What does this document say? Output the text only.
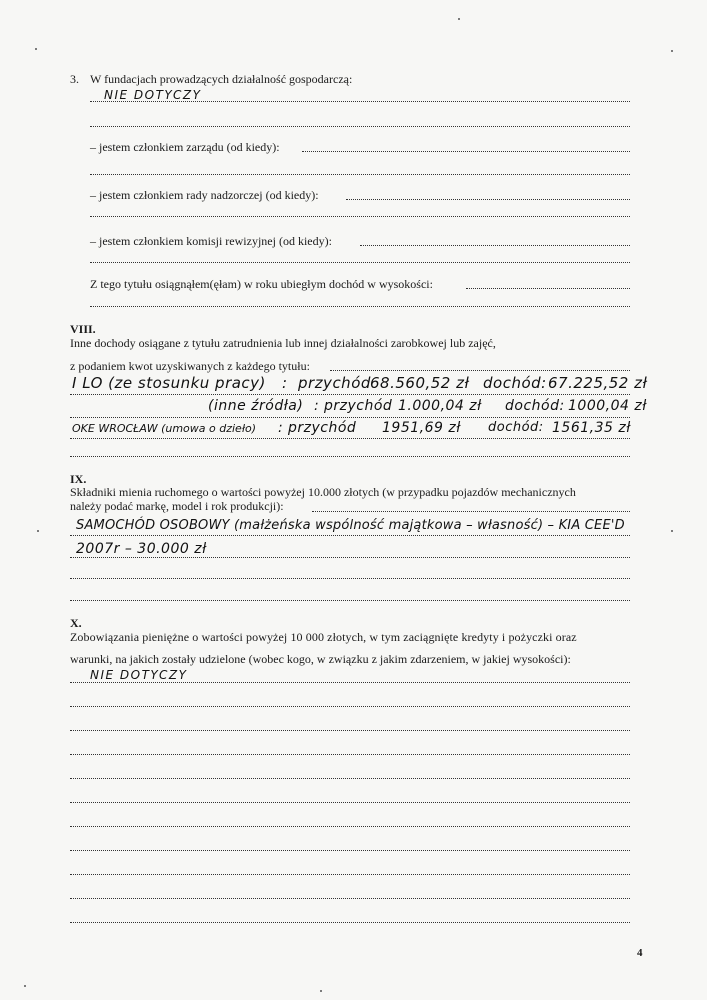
3. W fundacjach prowadzących działalność gospodarczą:
NIE DOTYCZY
– jestem członkiem zarządu (od kiedy):
– jestem członkiem rady nadzorczej (od kiedy):
– jestem członkiem komisji rewizyjnej (od kiedy):
Z tego tytułu osiągnąłem(ęłam) w roku ubiegłym dochód w wysokości:
VIII.
Inne dochody osiągane z tytułu zatrudnienia lub innej działalności zarobkowej lub zajęć,
z podaniem kwot uzyskiwanych z każdego tytułu:
I LO (ze stosunku pracy) : przychód 68.560,52 zł dochód: 67.225,52 zł
(inne źródła) : przychód 1.000,04 zł dochód: 1000,04 zł
OKE WROCŁAW (umowa o dzieło) : przychód 1951,69 zł dochód: 1561,35 zł
IX.
Składniki mienia ruchomego o wartości powyżej 10.000 złotych (w przypadku pojazdów mechanicznych
należy podać markę, model i rok produkcji):
SAMOCHÓD OSOBOWY (małżeńska wspólność majątkowa – własność) – KIA CEE'D
2007r – 30.000 zł
X.
Zobowiązania pieniężne o wartości powyżej 10 000 złotych, w tym zaciągnięte kredyty i pożyczki oraz
warunki, na jakich zostały udzielone (wobec kogo, w związku z jakim zdarzeniem, w jakiej wysokości):
NIE DOTYCZY
4
